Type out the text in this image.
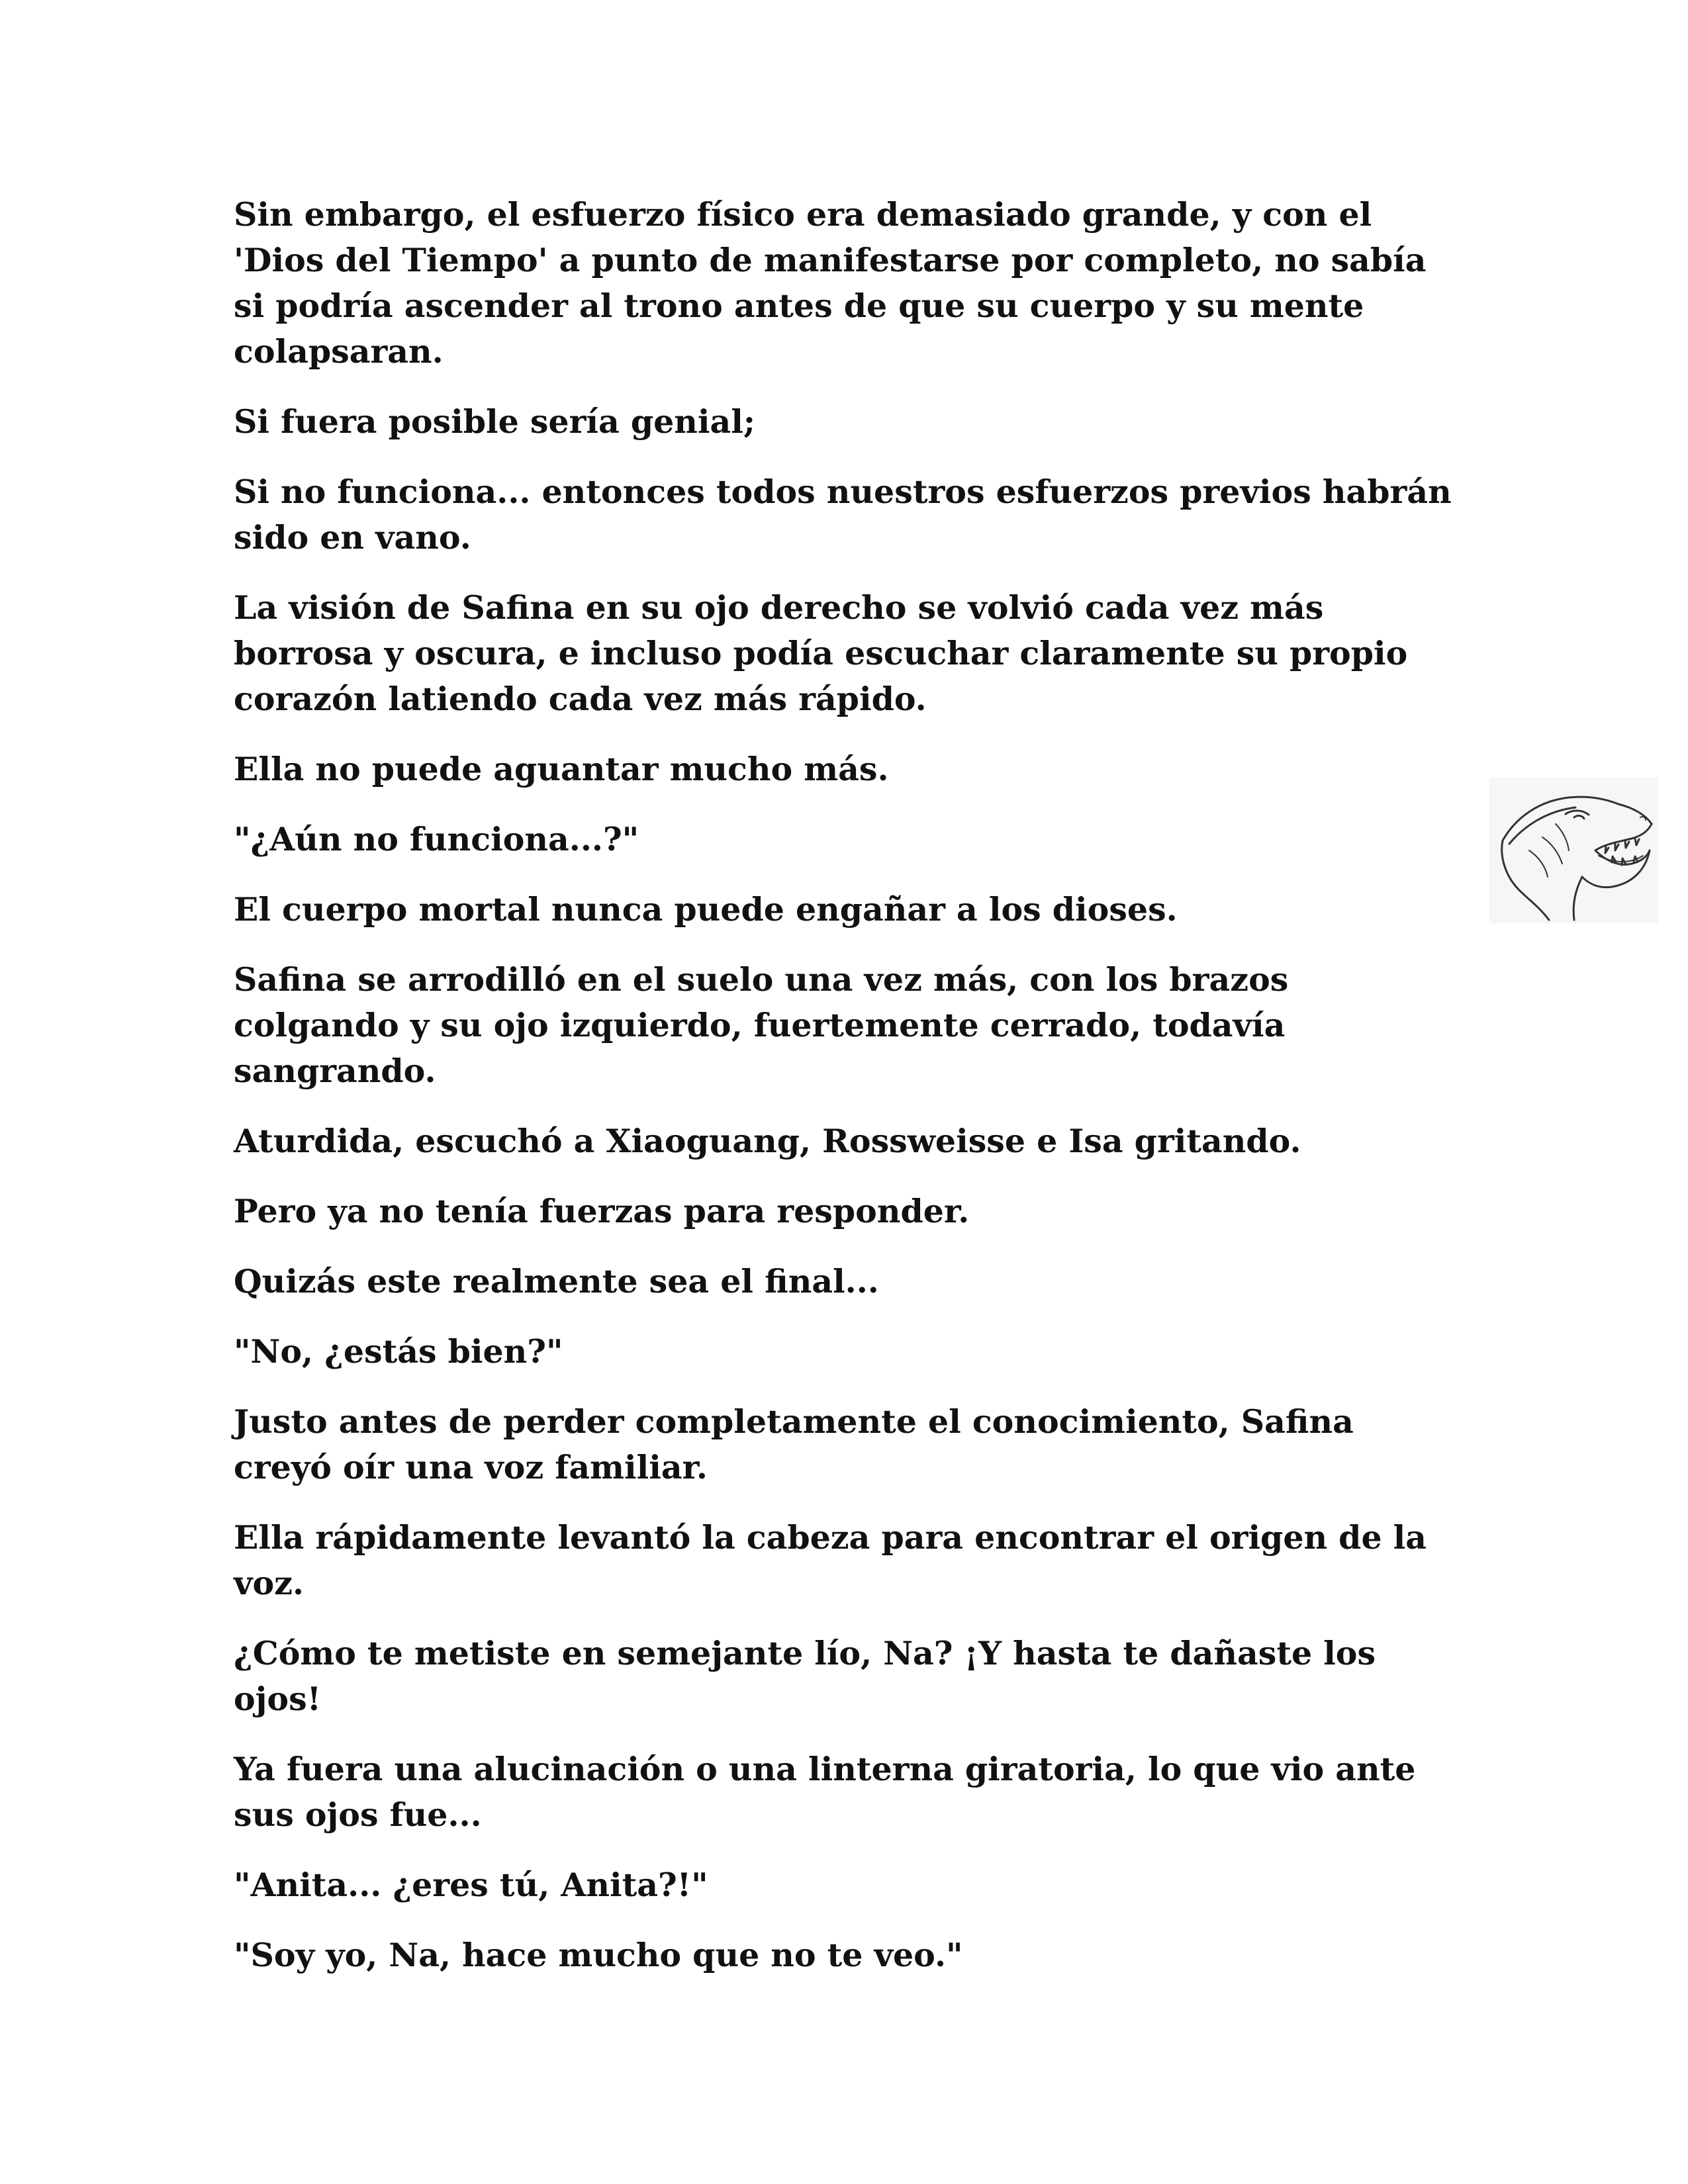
Sin embargo, el esfuerzo físico era demasiado grande, y con el 'Dios del Tiempo' a punto de manifestarse por completo, no sabía si podría ascender al trono antes de que su cuerpo y su mente colapsaran.

Si fuera posible sería genial;

Si no funciona... entonces todos nuestros esfuerzos previos habrán sido en vano.

La visión de Safina en su ojo derecho se volvió cada vez más borrosa y oscura, e incluso podía escuchar claramente su propio corazón latiendo cada vez más rápido.

Ella no puede aguantar mucho más.

"¿Aún no funciona...?"

El cuerpo mortal nunca puede engañar a los dioses.

Safina se arrodilló en el suelo una vez más, con los brazos colgando y su ojo izquierdo, fuertemente cerrado, todavía sangrando.

Aturdida, escuchó a Xiaoguang, Rossweisse e Isa gritando.

Pero ya no tenía fuerzas para responder.

Quizás este realmente sea el final...

"No, ¿estás bien?"

Justo antes de perder completamente el conocimiento, Safina creyó oír una voz familiar.

Ella rápidamente levantó la cabeza para encontrar el origen de la voz.

¿Cómo te metiste en semejante lío, Na? ¡Y hasta te dañaste los ojos!

Ya fuera una alucinación o una linterna giratoria, lo que vio ante sus ojos fue...

"Anita... ¿eres tú, Anita?!"

"Soy yo, Na, hace mucho que no te veo."
